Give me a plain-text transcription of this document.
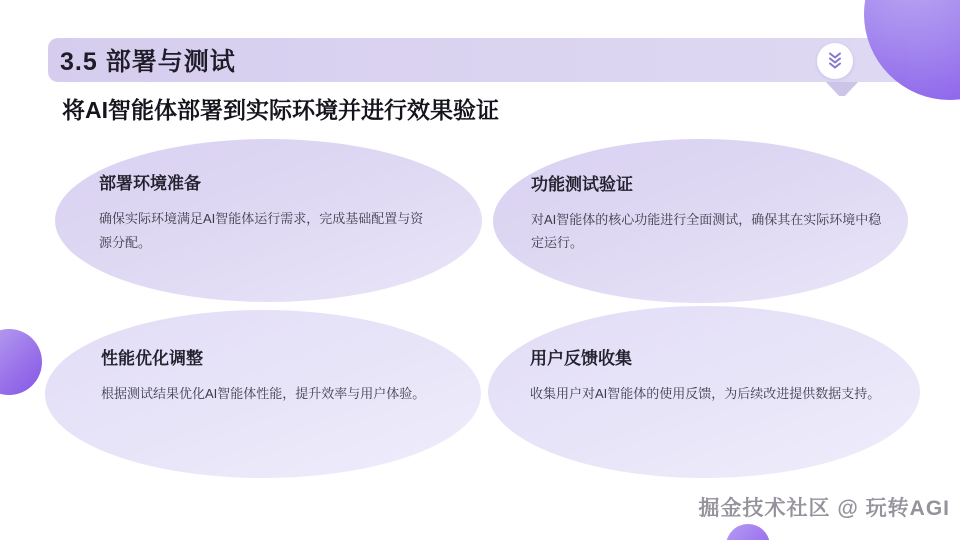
3.5 部署与测试
将AI智能体部署到实际环境并进行效果验证
部署环境准备

确保实际环境满足AI智能体运行需求，完成基础配置与资源分配。

功能测试验证

对AI智能体的核心功能进行全面测试，确保其在实际环境中稳定运行。

性能优化调整

根据测试结果优化AI智能体性能，提升效率与用户体验。

用户反馈收集

收集用户对AI智能体的使用反馈，为后续改进提供数据支持。

掘金技术社区 @ 玩转AGI
